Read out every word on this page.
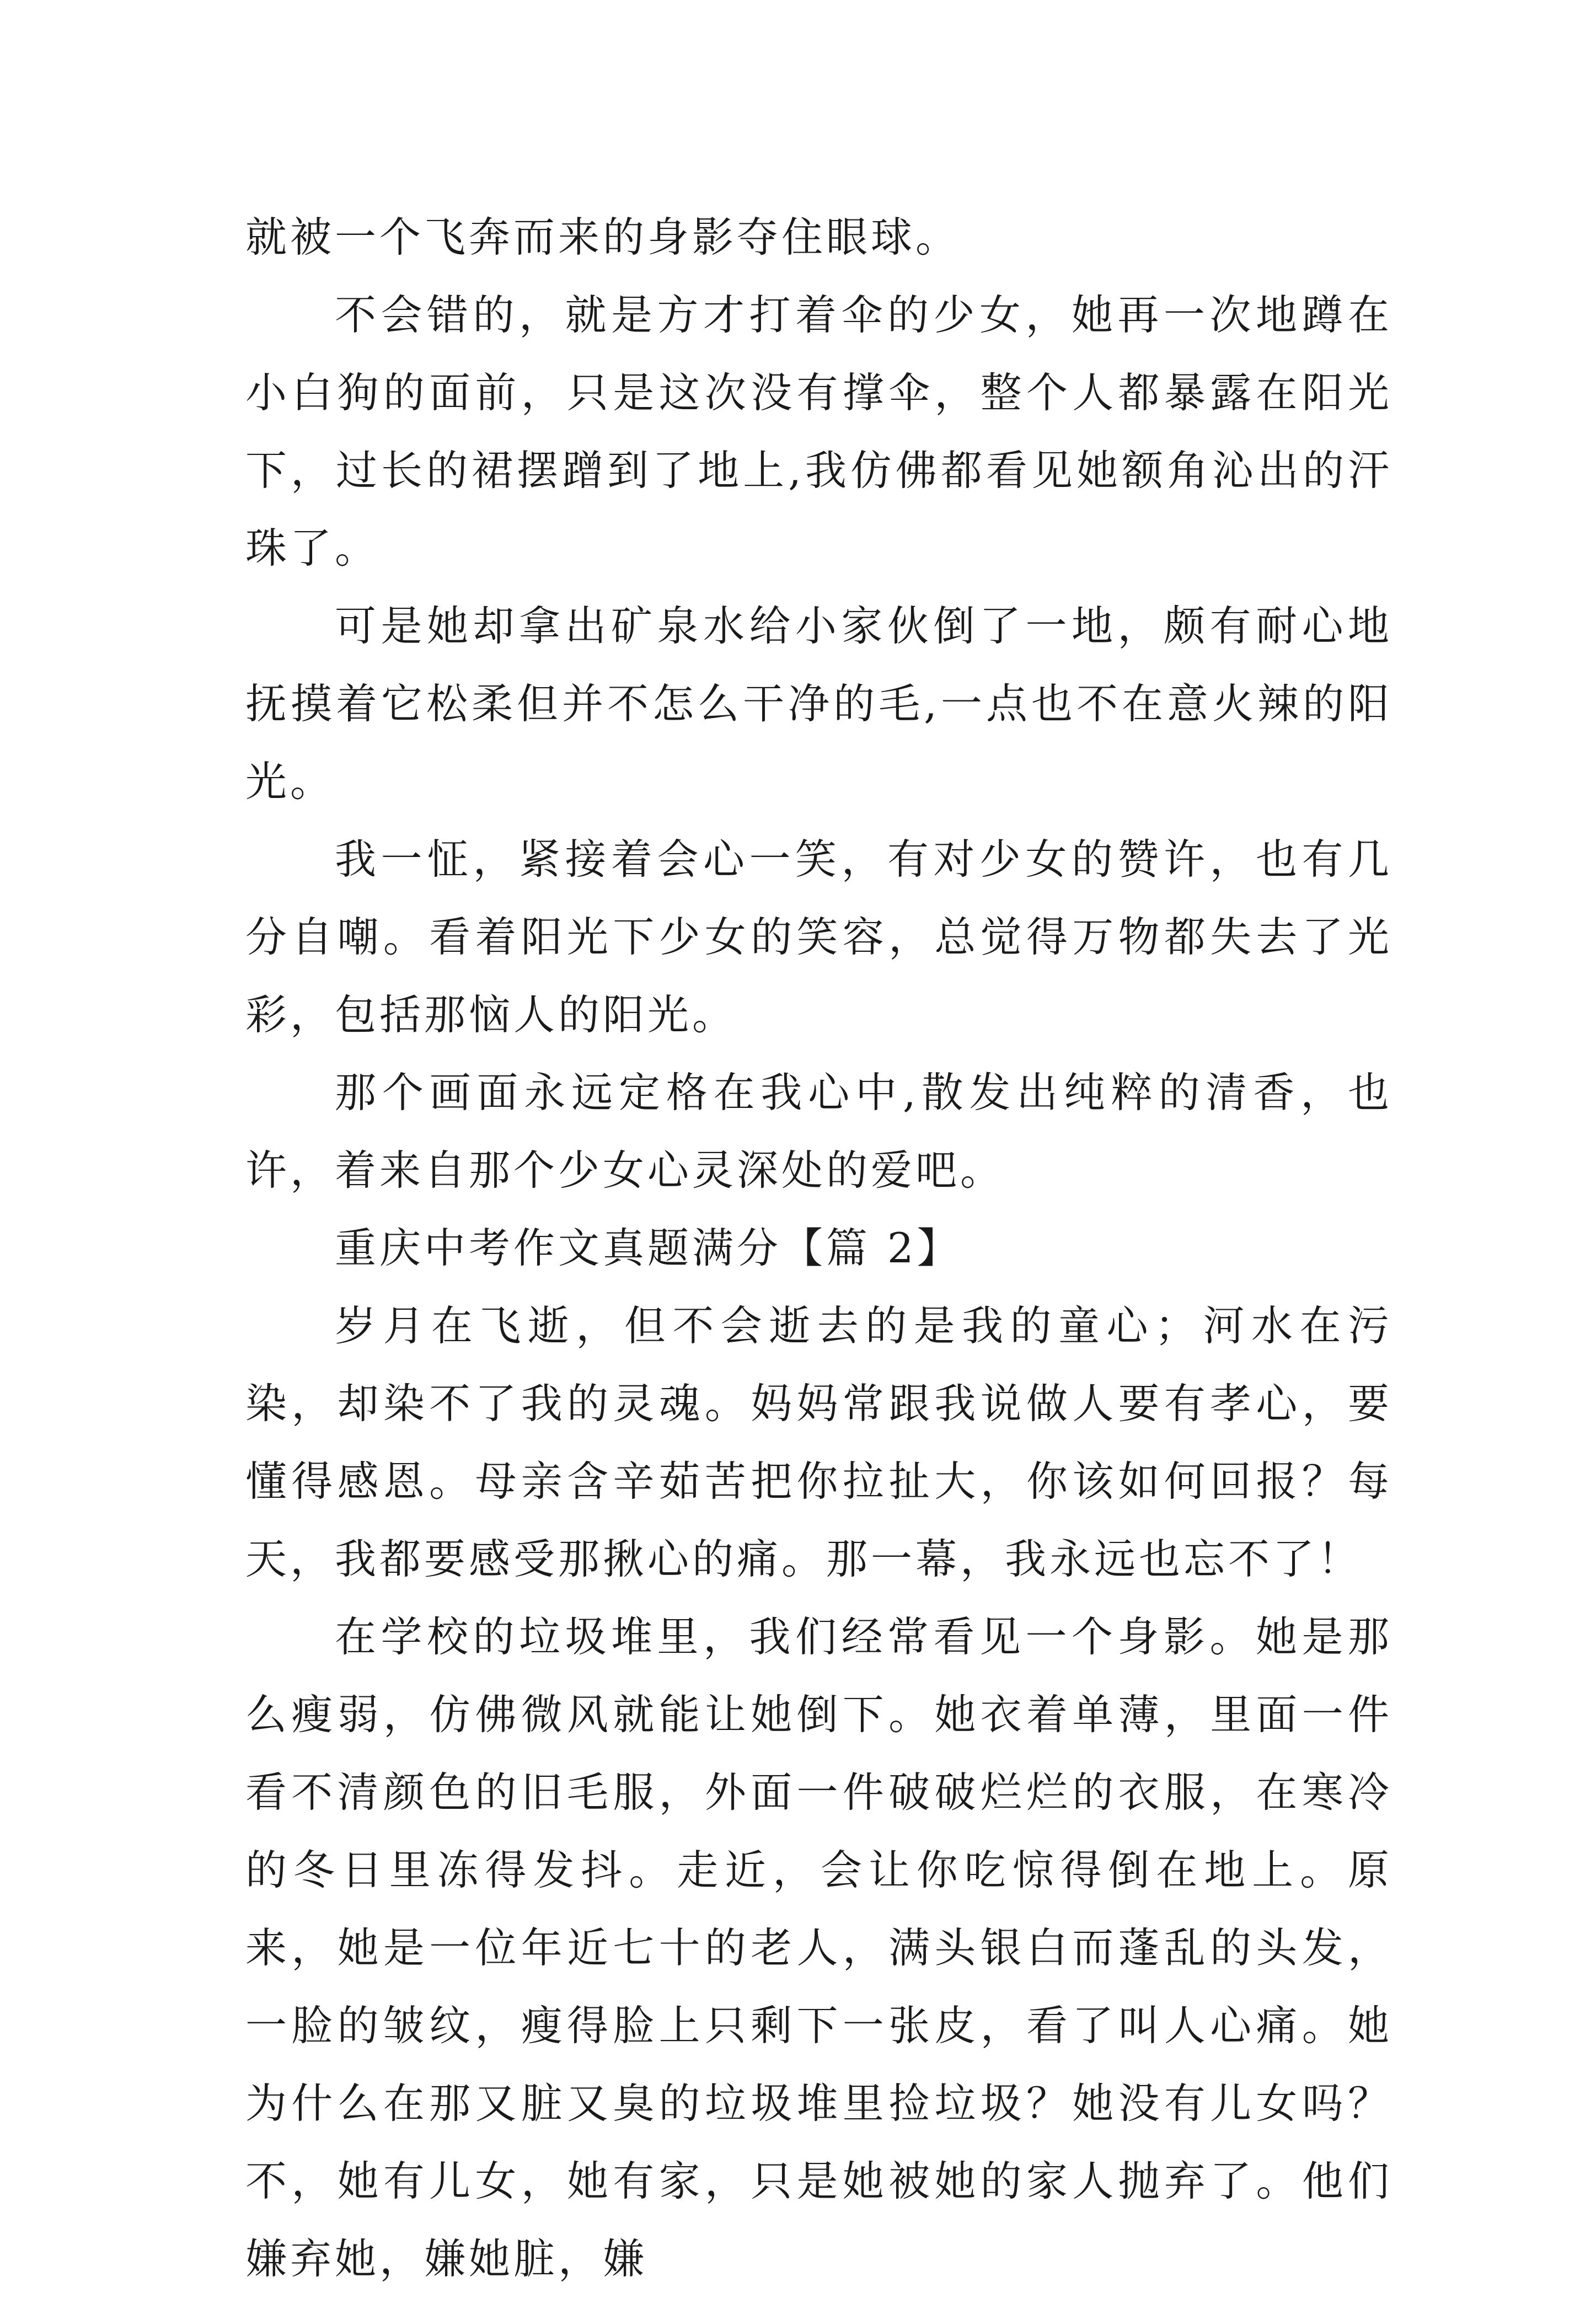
就被一个飞奔而来的身影夺住眼球。

不会错的，就是方才打着伞的少女，她再一次地蹲在小白狗的面前，只是这次没有撑伞，整个人都暴露在阳光下，过长的裙摆蹭到了地上,我仿佛都看见她额角沁出的汗珠了。

可是她却拿出矿泉水给小家伙倒了一地，颇有耐心地抚摸着它松柔但并不怎么干净的毛,一点也不在意火辣的阳光。

我一怔，紧接着会心一笑，有对少女的赞许，也有几分自嘲。看着阳光下少女的笑容，总觉得万物都失去了光彩，包括那恼人的阳光。

那个画面永远定格在我心中,散发出纯粹的清香，也许，着来自那个少女心灵深处的爱吧。

重庆中考作文真题满分【篇 2】

岁月在飞逝，但不会逝去的是我的童心；河水在污染，却染不了我的灵魂。妈妈常跟我说做人要有孝心，要懂得感恩。母亲含辛茹苦把你拉扯大，你该如何回报？每天，我都要感受那揪心的痛。那一幕，我永远也忘不了！

在学校的垃圾堆里，我们经常看见一个身影。她是那么瘦弱，仿佛微风就能让她倒下。她衣着单薄，里面一件看不清颜色的旧毛服，外面一件破破烂烂的衣服，在寒冷的冬日里冻得发抖。走近，会让你吃惊得倒在地上。原来，她是一位年近七十的老人，满头银白而蓬乱的头发，一脸的皱纹，瘦得脸上只剩下一张皮，看了叫人心痛。她为什么在那又脏又臭的垃圾堆里捡垃圾？她没有儿女吗？不，她有儿女，她有家，只是她被她的家人抛弃了。他们嫌弃她，嫌她脏，嫌
